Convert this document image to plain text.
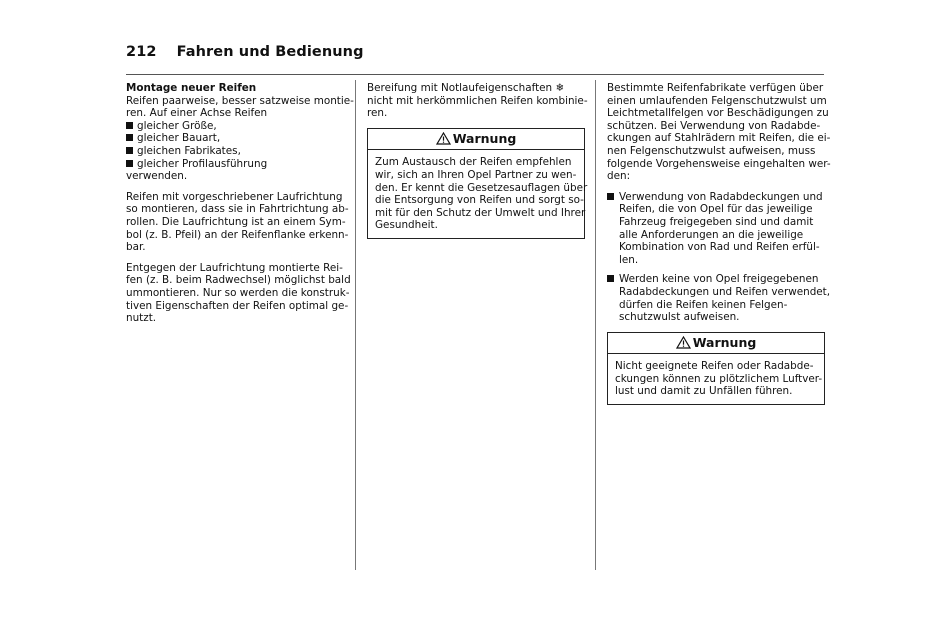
212 Fahren und Bedienung
Montage neuer Reifen
Reifen paarweise, besser satzweise montie-
ren. Auf einer Achse Reifen
gleicher Größe,
gleicher Bauart,
gleichen Fabrikates,
gleicher Profilausführung

verwenden.

Reifen mit vorgeschriebener Laufrichtung
so montieren, dass sie in Fahrtrichtung ab-
rollen. Die Laufrichtung ist an einem Sym-
bol (z. B. Pfeil) an der Reifenflanke erkenn-
bar.

Entgegen der Laufrichtung montierte Rei-
fen (z. B. beim Radwechsel) möglichst bald
ummontieren. Nur so werden die konstruk-
tiven Eigenschaften der Reifen optimal ge-
nutzt.

Bereifung mit Notlaufeigenschaften ❄
nicht mit herkömmlichen Reifen kombinie-
ren.

Warnung
Zum Austausch der Reifen empfehlen
wir, sich an Ihren Opel Partner zu wen-
den. Er kennt die Gesetzesauflagen über
die Entsorgung von Reifen und sorgt so-
mit für den Schutz der Umwelt und Ihrer
Gesundheit.

Bestimmte Reifenfabrikate verfügen über
einen umlaufenden Felgenschutzwulst um
Leichtmetallfelgen vor Beschädigungen zu
schützen. Bei Verwendung von Radabde-
ckungen auf Stahlrädern mit Reifen, die ei-
nen Felgenschutzwulst aufweisen, muss
folgende Vorgehensweise eingehalten wer-
den:

Verwendung von Radabdeckungen und
Reifen, die von Opel für das jeweilige
Fahrzeug freigegeben sind und damit
alle Anforderungen an die jeweilige
Kombination von Rad und Reifen erfül-
len.
Werden keine von Opel freigegebenen
Radabdeckungen und Reifen verwendet,
dürfen die Reifen keinen Felgen-
schutzwulst aufweisen.
Warnung
Nicht geeignete Reifen oder Radabde-
ckungen können zu plötzlichem Luftver-
lust und damit zu Unfällen führen.
